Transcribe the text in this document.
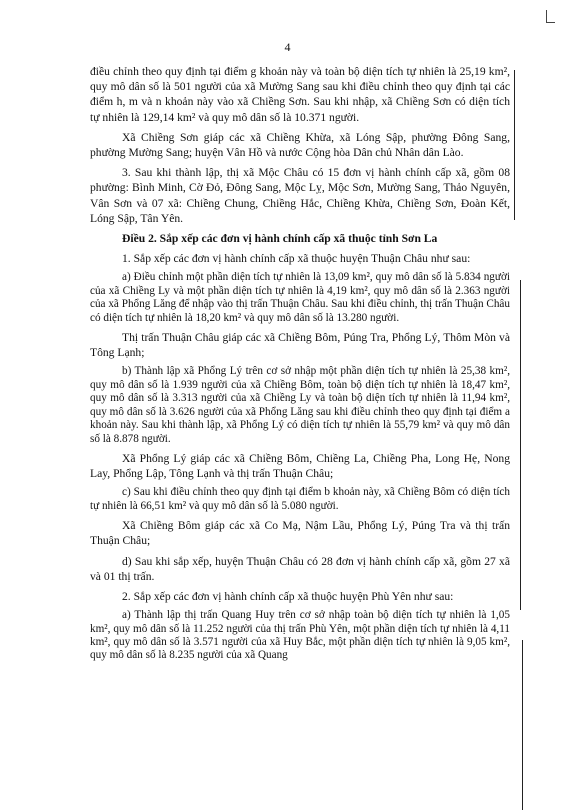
4

điều chỉnh theo quy định tại điểm g khoản này và toàn bộ diện tích tự nhiên là 25,19 km², quy mô dân số là 501 người của xã Mường Sang sau khi điều chỉnh theo quy định tại các điểm h, m và n khoản này vào xã Chiềng Sơn. Sau khi nhập, xã Chiềng Sơn có diện tích tự nhiên là 129,14 km² và quy mô dân số là 10.371 người.

Xã Chiềng Sơn giáp các xã Chiềng Khừa, xã Lóng Sập, phường Đông Sang, phường Mường Sang; huyện Vân Hồ và nước Cộng hòa Dân chủ Nhân dân Lào.

3. Sau khi thành lập, thị xã Mộc Châu có 15 đơn vị hành chính cấp xã, gồm 08 phường: Bình Minh, Cờ Đỏ, Đông Sang, Mộc Lỵ, Mộc Sơn, Mường Sang, Thảo Nguyên, Vân Sơn và 07 xã: Chiềng Chung, Chiềng Hắc, Chiềng Khừa, Chiềng Sơn, Đoàn Kết, Lóng Sập, Tân Yên.

Điều 2. Sắp xếp các đơn vị hành chính cấp xã thuộc tỉnh Sơn La

1. Sắp xếp các đơn vị hành chính cấp xã thuộc huyện Thuận Châu như sau:

a) Điều chỉnh một phần diện tích tự nhiên là 13,09 km², quy mô dân số là 5.834 người của xã Chiềng Ly và một phần diện tích tự nhiên là 4,19 km², quy mô dân số là 2.363 người của xã Phổng Lăng để nhập vào thị trấn Thuận Châu. Sau khi điều chỉnh, thị trấn Thuận Châu có diện tích tự nhiên là 18,20 km² và quy mô dân số là 13.280 người.

Thị trấn Thuận Châu giáp các xã Chiềng Bôm, Púng Tra, Phổng Lý, Thôm Mòn và Tông Lạnh;

b) Thành lập xã Phổng Lý trên cơ sở nhập một phần diện tích tự nhiên là 25,38 km², quy mô dân số là 1.939 người của xã Chiềng Bôm, toàn bộ diện tích tự nhiên là 18,47 km², quy mô dân số là 3.313 người của xã Chiềng Ly và toàn bộ diện tích tự nhiên là 11,94 km², quy mô dân số là 3.626 người của xã Phổng Lăng sau khi điều chỉnh theo quy định tại điểm a khoản này. Sau khi thành lập, xã Phổng Lý có diện tích tự nhiên là 55,79 km² và quy mô dân số là 8.878 người.

Xã Phổng Lý giáp các xã Chiềng Bôm, Chiềng La, Chiềng Pha, Long Hẹ, Nong Lay, Phổng Lập, Tông Lạnh và thị trấn Thuận Châu;

c) Sau khi điều chỉnh theo quy định tại điểm b khoản này, xã Chiềng Bôm có diện tích tự nhiên là 66,51 km² và quy mô dân số là 5.080 người.

Xã Chiềng Bôm giáp các xã Co Mạ, Nậm Lầu, Phổng Lý, Púng Tra và thị trấn Thuận Châu;

d) Sau khi sắp xếp, huyện Thuận Châu có 28 đơn vị hành chính cấp xã, gồm 27 xã và 01 thị trấn.

2. Sắp xếp các đơn vị hành chính cấp xã thuộc huyện Phù Yên như sau:

a) Thành lập thị trấn Quang Huy trên cơ sở nhập toàn bộ diện tích tự nhiên là 1,05 km², quy mô dân số là 11.252 người của thị trấn Phù Yên, một phần diện tích tự nhiên là 4,11 km², quy mô dân số là 3.571 người của xã Huy Bắc, một phần diện tích tự nhiên là 9,05 km², quy mô dân số là 8.235 người của xã Quang
